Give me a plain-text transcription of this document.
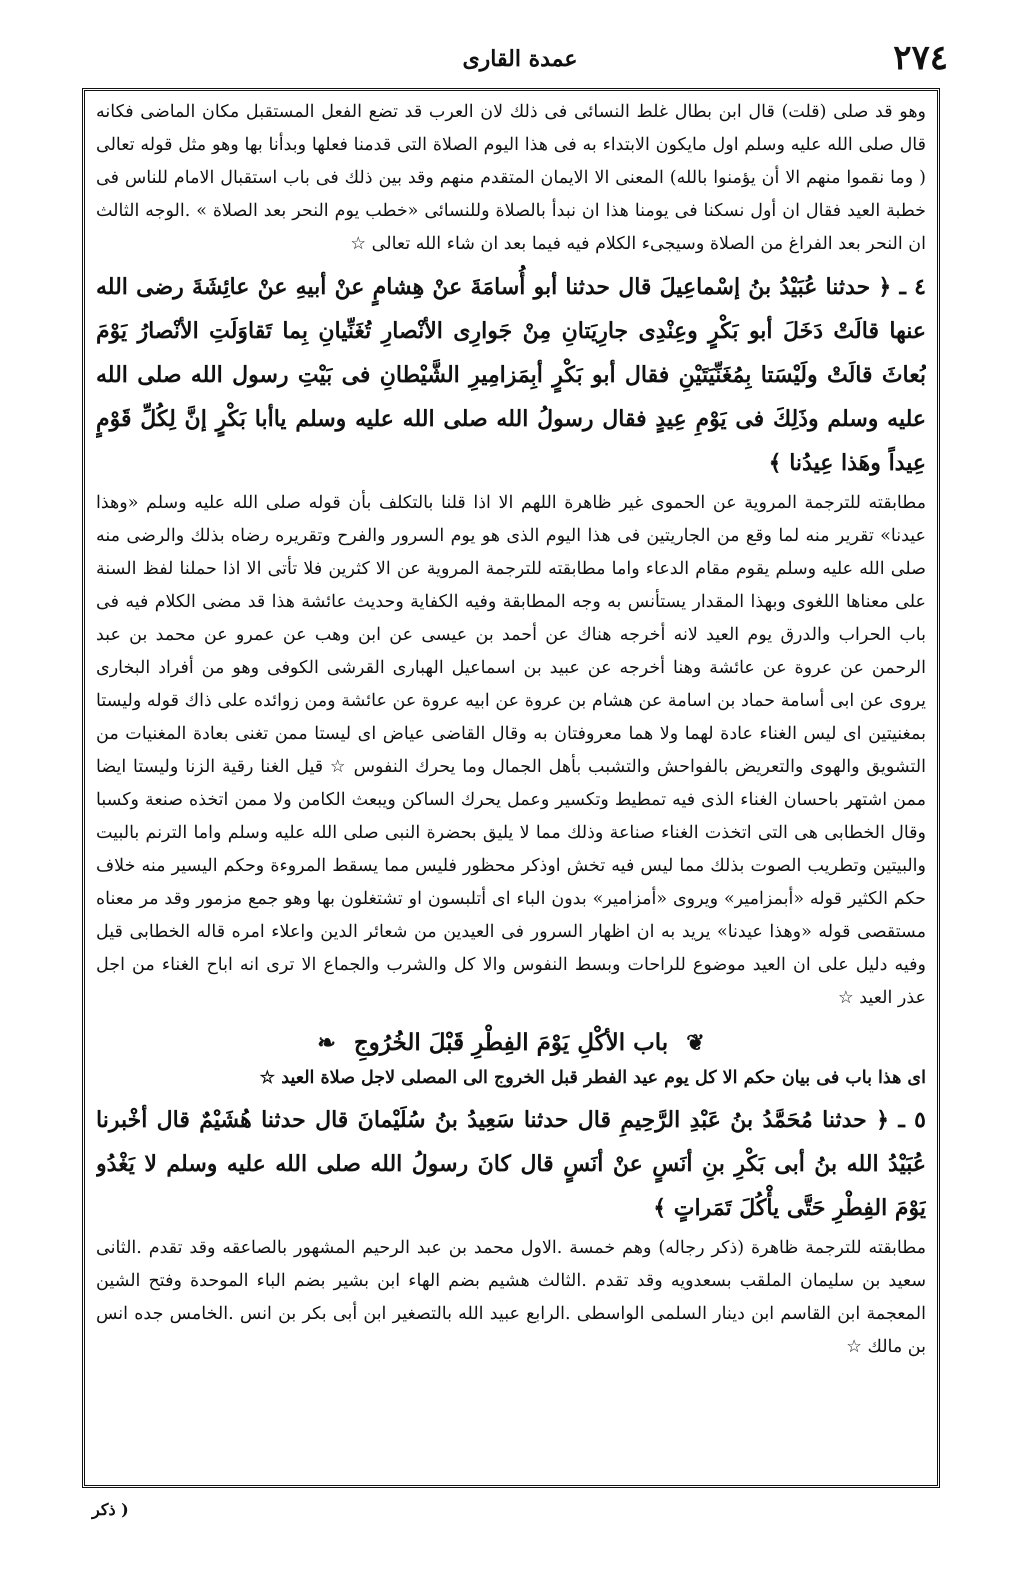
عمدة القاری	٢٧٤

وهو قد صلی (قلت) قال ابن بطال غلط النسائی فی ذلك لان العرب قد تضع الفعل المستقبل مكان الماضی فكانه قال صلى الله عليه وسلم اول مایكون الابتداء به فی هذا الیوم الصلاة التی قدمنا فعلها وبدأنا بها وهو مثل قوله تعالی ( وما نقموا منهم الا أن یؤمنوا بالله) المعنی الا الایمان المتقدم منهم وقد بین ذلك فی باب استقبال الامام للناس فی خطبة العید فقال ان أول نسكنا فی یومنا هذا ان نبدأ بالصلاة وللنسائی «خطب یوم النحر بعد الصلاة » .الوجه الثالث ان النحر بعد الفراغ من الصلاة وسیجیء الكلام فیه فیما بعد ان شاء الله تعالی ☆

٤ ـ ﴿ حدثنا عُبَیْدُ بنُ إسْماعِیلَ قال حدثنا أبو أُسامَةَ عنْ هِشامٍ عنْ أبیهِ عنْ عائِشَةَ رضی الله عنها قالَتْ دَخَلَ أبو بَكْرٍ وعِنْدِی جارِیَتانِ مِنْ جَوارِی الأنْصارِ تُغَنِّیانِ بِما تَقاوَلَتِ الأنْصارُ یَوْمَ بُعاثَ قالَتْ ولَیْسَتا بِمُغَنِّیَتَیْنِ فقال أبو بَكْرٍ أبِمَزامِیرِ الشَّیْطانِ فی بَیْتِ رسول الله صلى الله عليه وسلم وذَلِكَ فی یَوْمِ عِیدٍ فقال رسولُ الله صلى الله عليه وسلم یاأبا بَكْرٍ إنَّ لِكُلِّ قَوْمٍ عِیداً وهَذا عِیدُنا ﴾

مطابقته للترجمة المرویة عن الحموی غیر ظاهرة اللهم الا اذا قلنا بالتكلف بأن قوله صلى الله عليه وسلم «وهذا عیدنا» تقریر منه لما وقع من الجاریتین فی هذا الیوم الذی هو یوم السرور والفرح وتقریره رضاه بذلك والرضی منه صلى الله عليه وسلم یقوم مقام الدعاء واما مطابقته للترجمة المرویة عن الا كثرین فلا تأتی الا اذا حملنا لفظ السنة علی معناها اللغوی وبهذا المقدار یستأنس به وجه المطابقة وفیه الكفایة وحدیث عائشة هذا قد مضی الكلام فیه فی باب الحراب والدرق یوم العید لانه أخرجه هناك عن أحمد بن عیسی عن ابن وهب عن عمرو عن محمد بن عبد الرحمن عن عروة عن عائشة وهنا أخرجه عن عبید بن اسماعیل الهباری القرشی الكوفی وهو من أفراد البخاری یروی عن ابی أسامة حماد بن اسامة عن هشام بن عروة عن ابیه عروة عن عائشة ومن زوائده علی ذاك قوله ولیستا بمغنیتین ای لیس الغناء عادة لهما ولا هما معروفتان به وقال القاضی عیاض ای لیستا ممن تغنی بعادة المغنیات من التشویق والهوی والتعریض بالفواحش والتشبب بأهل الجمال وما یحرك النفوس ☆ قیل الغنا رقیة الزنا ولیستا ایضا ممن اشتهر باحسان الغناء الذی فیه تمطیط وتكسیر وعمل یحرك الساكن ویبعث الكامن ولا ممن اتخذه صنعة وكسبا وقال الخطابی هی التی اتخذت الغناء صناعة وذلك مما لا یلیق بحضرة النبی صلى الله عليه وسلم واما الترنم بالبیت والبیتین وتطریب الصوت بذلك مما لیس فیه تخش اوذكر محظور فلیس مما یسقط المروءة وحكم الیسیر منه خلاف حكم الكثیر قوله «أبمزامیر» ویروی «أمزامیر» بدون الباء ای أتلبسون او تشتغلون بها وهو جمع مزمور وقد مر معناه مستقصی قوله «وهذا عیدنا» یرید به ان اظهار السرور فی العیدین من شعائر الدین واعلاء امره قاله الخطابی قیل وفیه دلیل علی ان العید موضوع للراحات وبسط النفوس والا كل والشرب والجماع الا تری انه اباح الغناء من اجل عذر العید ☆

❦ باب الأكْلِ یَوْمَ الفِطْرِ قَبْلَ الخُرُوجِ ❧

ای هذا باب فی بیان حكم الا كل یوم عید الفطر قبل الخروج الی المصلی لاجل صلاة العید ☆

٥ ـ ﴿ حدثنا مُحَمَّدُ بنُ عَبْدِ الرَّحِیمِ قال حدثنا سَعِیدُ بنُ سُلَیْمانَ قال حدثنا هُشَیْمٌ قال أخْبرنا عُبَیْدُ الله بنُ أبی بَكْرِ بنِ أنَسٍ عنْ أنَسٍ قال كانَ رسولُ الله صلى الله عليه وسلم لا یَغْدُو یَوْمَ الفِطْرِ حَتَّی یأْكُلَ تَمَراتٍ ﴾

مطابقته للترجمة ظاهرة (ذكر رجاله) وهم خمسة .الاول محمد بن عبد الرحیم المشهور بالصاعقه وقد تقدم .الثانی سعید بن سلیمان الملقب بسعدویه وقد تقدم .الثالث هشیم بضم الهاء ابن بشیر بضم الباء الموحدة وفتح الشین المعجمة ابن القاسم ابن دینار السلمی الواسطی .الرابع عبید الله بالتصغیر ابن أبی بكر بن انس .الخامس جده انس بن مالك ☆

( ذكر
